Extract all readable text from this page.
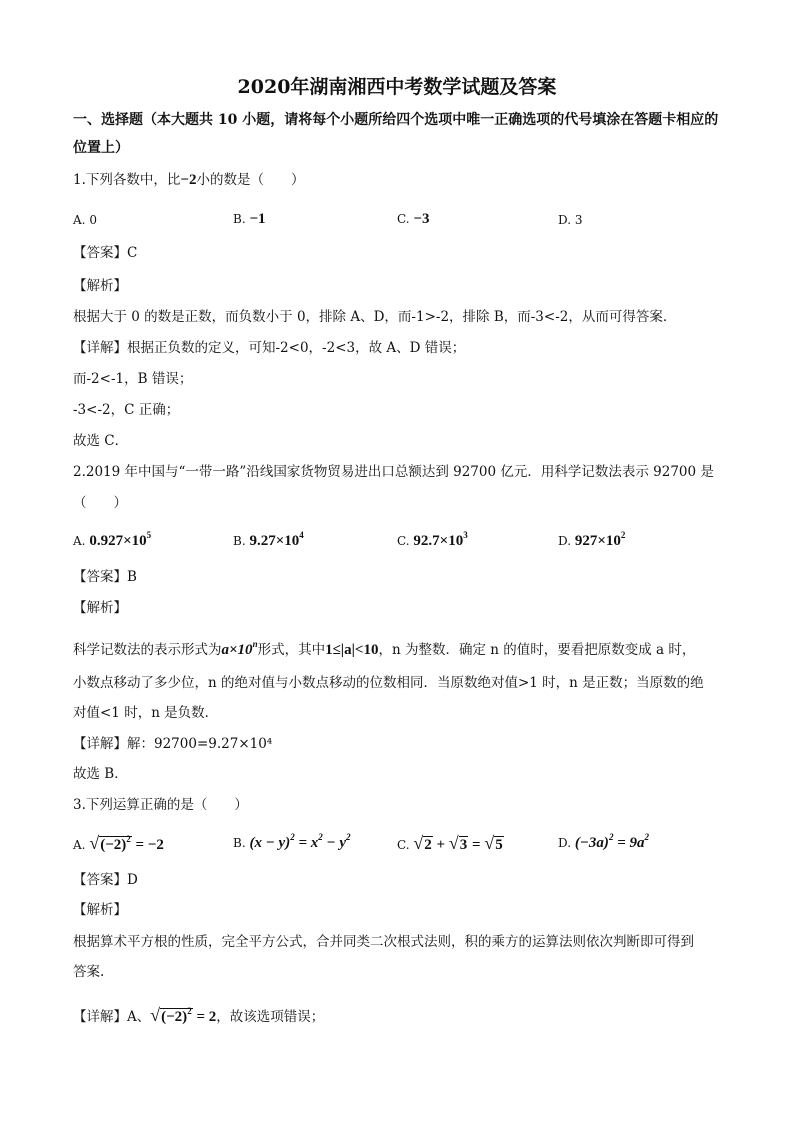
2020年湖南湘西中考数学试题及答案
一、选择题（本大题共 10 小题，请将每个小题所给四个选项中唯一正确选项的代号填涂在答题卡相应的
位置上）
1.下列各数中，比−2小的数是（　　）
A. 0	B. −1	C. −3	D. 3
【答案】C
【解析】
根据大于 0 的数是正数，而负数小于 0，排除 A、D，而-1>-2，排除 B，而-3<-2，从而可得答案．
【详解】根据正负数的定义，可知-2<0，-2<3，故 A、D 错误；
而-2<-1，B 错误；
-3<-2，C 正确；
故选 C．
2.2019 年中国与“一带一路”沿线国家货物贸易进出口总额达到 92700 亿元．用科学记数法表示 92700 是
（　　）
A. $0.927\times 10^5$	B. $9.27\times 10^4$	C. $92.7\times 10^3$	D. $927\times 10^2$
【答案】B
【解析】
科学记数法的表示形式为$a\times 10^n$形式，其中1≤|a|<10，n 为整数．确定 n 的值时，要看把原数变成 a 时，
小数点移动了多少位，n 的绝对值与小数点移动的位数相同．当原数绝对值>1 时，n 是正数；当原数的绝
对值<1 时，n 是负数．
【详解】解：92700=9.27×10⁴
故选 B．
3.下列运算正确的是（　　）
A. $√(-2)^2 = -2$	B. $(x - y)^2 = x^2 - y^2$
C. √2 + √3 = √5	D. $(-3a)^2 = 9a^2$
【答案】D
【解析】
根据算术平方根的性质，完全平方公式，合并同类二次根式法则，积的乘方的运算法则依次判断即可得到
答案.
【详解】A、$√(-2)^2 = 2$，故该选项错误；
